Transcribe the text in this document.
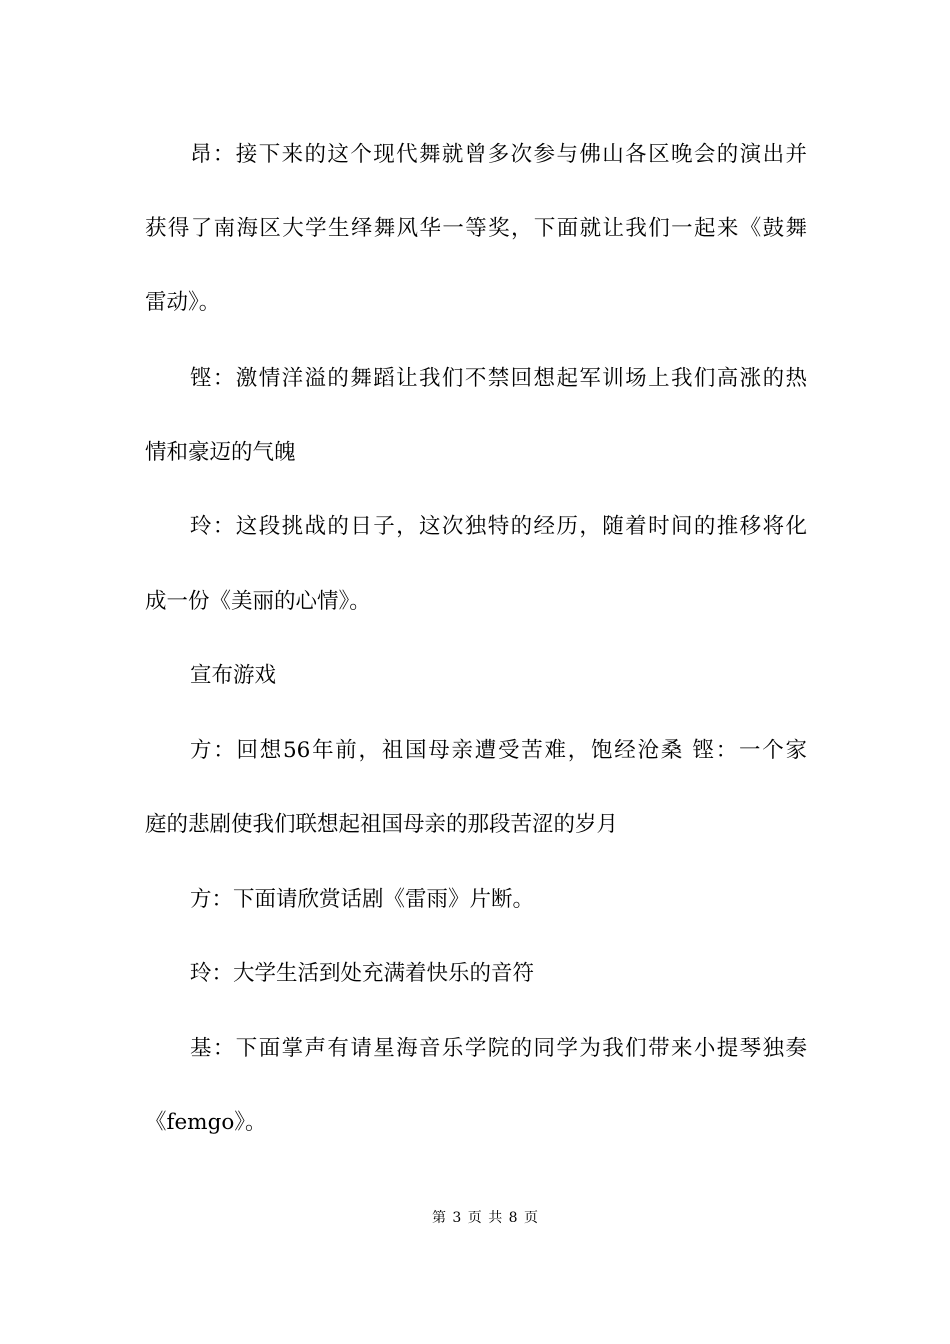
昂：接下来的这个现代舞就曾多次参与佛山各区晚会的演出并
获得了南海区大学生绎舞风华一等奖，下面就让我们一起来《鼓舞
雷动》。
铿：激情洋溢的舞蹈让我们不禁回想起军训场上我们高涨的热
情和豪迈的气魄
玲：这段挑战的日子，这次独特的经历，随着时间的推移将化
成一份《美丽的心情》。
宣布游戏
方：回想56年前，祖国母亲遭受苦难，饱经沧桑 铿：一个家
庭的悲剧使我们联想起祖国母亲的那段苦涩的岁月
方：下面请欣赏话剧《雷雨》片断。
玲：大学生活到处充满着快乐的音符
基：下面掌声有请星海音乐学院的同学为我们带来小提琴独奏
《femgo》。
第 3 页 共 8 页
